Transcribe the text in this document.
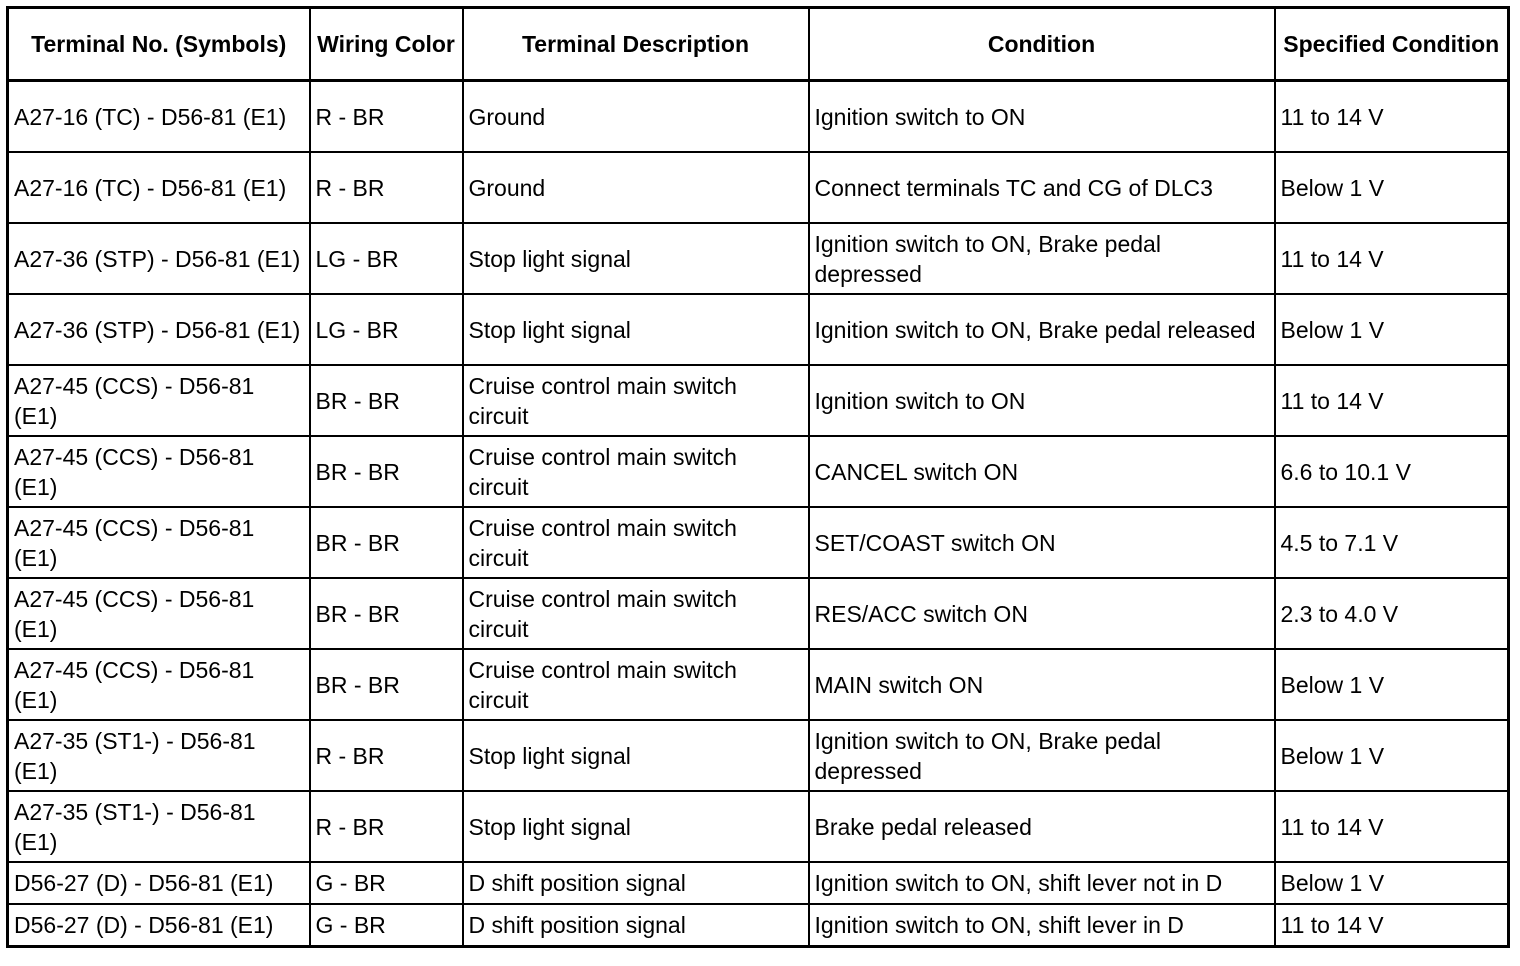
Terminal No. (Symbols)	Wiring Color	Terminal Description	Condition	Specified Condition
A27-16 (TC) - D56-81 (E1)	R - BR	Ground	Ignition switch to ON	11 to 14 V
A27-16 (TC) - D56-81 (E1)	R - BR	Ground	Connect terminals TC and CG of DLC3	Below 1 V
A27-36 (STP) - D56-81 (E1)	LG - BR	Stop light signal	Ignition switch to ON, Brake pedal depressed	11 to 14 V
A27-36 (STP) - D56-81 (E1)	LG - BR	Stop light signal	Ignition switch to ON, Brake pedal released	Below 1 V
A27-45 (CCS) - D56-81 (E1)	BR - BR	Cruise control main switch circuit	Ignition switch to ON	11 to 14 V
A27-45 (CCS) - D56-81 (E1)	BR - BR	Cruise control main switch circuit	CANCEL switch ON	6.6 to 10.1 V
A27-45 (CCS) - D56-81 (E1)	BR - BR	Cruise control main switch circuit	SET/COAST switch ON	4.5 to 7.1 V
A27-45 (CCS) - D56-81 (E1)	BR - BR	Cruise control main switch circuit	RES/ACC switch ON	2.3 to 4.0 V
A27-45 (CCS) - D56-81 (E1)	BR - BR	Cruise control main switch circuit	MAIN switch ON	Below 1 V
A27-35 (ST1-) - D56-81 (E1)	R - BR	Stop light signal	Ignition switch to ON, Brake pedal depressed	Below 1 V
A27-35 (ST1-) - D56-81 (E1)	R - BR	Stop light signal	Brake pedal released	11 to 14 V
D56-27 (D) - D56-81 (E1)	G - BR	D shift position signal	Ignition switch to ON, shift lever not in D	Below 1 V
D56-27 (D) - D56-81 (E1)	G - BR	D shift position signal	Ignition switch to ON, shift lever in D	11 to 14 V
